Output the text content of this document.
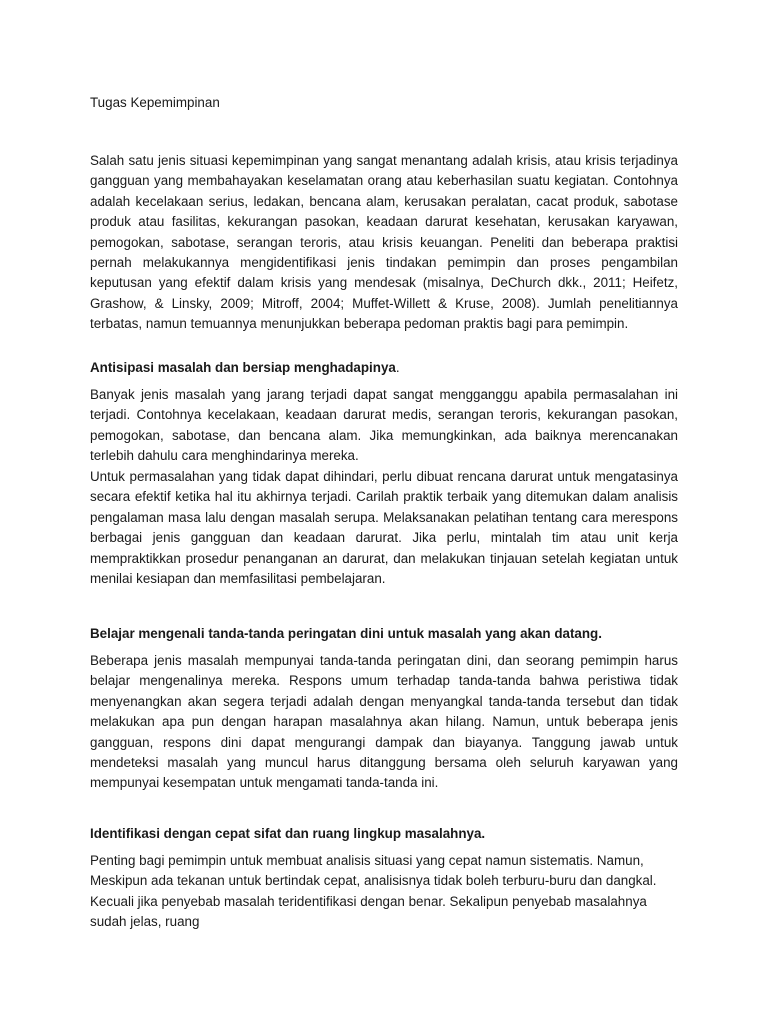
Tugas Kepemimpinan

Salah satu jenis situasi kepemimpinan yang sangat menantang adalah krisis, atau krisis terjadinya gangguan yang membahayakan keselamatan orang atau keberhasilan suatu kegiatan. Contohnya adalah kecelakaan serius, ledakan, bencana alam, kerusakan peralatan, cacat produk, sabotase produk atau fasilitas, kekurangan pasokan, keadaan darurat kesehatan, kerusakan karyawan, pemogokan, sabotase, serangan teroris, atau krisis keuangan. Peneliti dan beberapa praktisi pernah melakukannya mengidentifikasi jenis tindakan pemimpin dan proses pengambilan keputusan yang efektif dalam krisis yang mendesak (misalnya, DeChurch dkk., 2011; Heifetz, Grashow, & Linsky, 2009; Mitroff, 2004; Muffet-Willett & Kruse, 2008). Jumlah penelitiannya terbatas, namun temuannya menunjukkan beberapa pedoman praktis bagi para pemimpin.

Antisipasi masalah dan bersiap menghadapinya.

Banyak jenis masalah yang jarang terjadi dapat sangat mengganggu apabila permasalahan ini terjadi. Contohnya kecelakaan, keadaan darurat medis, serangan teroris, kekurangan pasokan, pemogokan, sabotase, dan bencana alam. Jika memungkinkan, ada baiknya merencanakan terlebih dahulu cara menghindarinya mereka.

Untuk permasalahan yang tidak dapat dihindari, perlu dibuat rencana darurat untuk mengatasinya secara efektif ketika hal itu akhirnya terjadi. Carilah praktik terbaik yang ditemukan dalam analisis pengalaman masa lalu dengan masalah serupa. Melaksanakan pelatihan tentang cara merespons berbagai jenis gangguan dan keadaan darurat. Jika perlu, mintalah tim atau unit kerja mempraktikkan prosedur penanganan an darurat, dan melakukan tinjauan setelah kegiatan untuk menilai kesiapan dan memfasilitasi pembelajaran.

Belajar mengenali tanda-tanda peringatan dini untuk masalah yang akan datang.

Beberapa jenis masalah mempunyai tanda-tanda peringatan dini, dan seorang pemimpin harus belajar mengenalinya mereka. Respons umum terhadap tanda-tanda bahwa peristiwa tidak menyenangkan akan segera terjadi adalah dengan menyangkal tanda-tanda tersebut dan tidak melakukan apa pun dengan harapan masalahnya akan hilang. Namun, untuk beberapa jenis gangguan, respons dini dapat mengurangi dampak dan biayanya. Tanggung jawab untuk mendeteksi masalah yang muncul harus ditanggung bersama oleh seluruh karyawan yang mempunyai kesempatan untuk mengamati tanda-tanda ini.

Identifikasi dengan cepat sifat dan ruang lingkup masalahnya.

Penting bagi pemimpin untuk membuat analisis situasi yang cepat namun sistematis. Namun, Meskipun ada tekanan untuk bertindak cepat, analisisnya tidak boleh terburu-buru dan dangkal. Kecuali jika penyebab masalah teridentifikasi dengan benar. Sekalipun penyebab masalahnya sudah jelas, ruang
